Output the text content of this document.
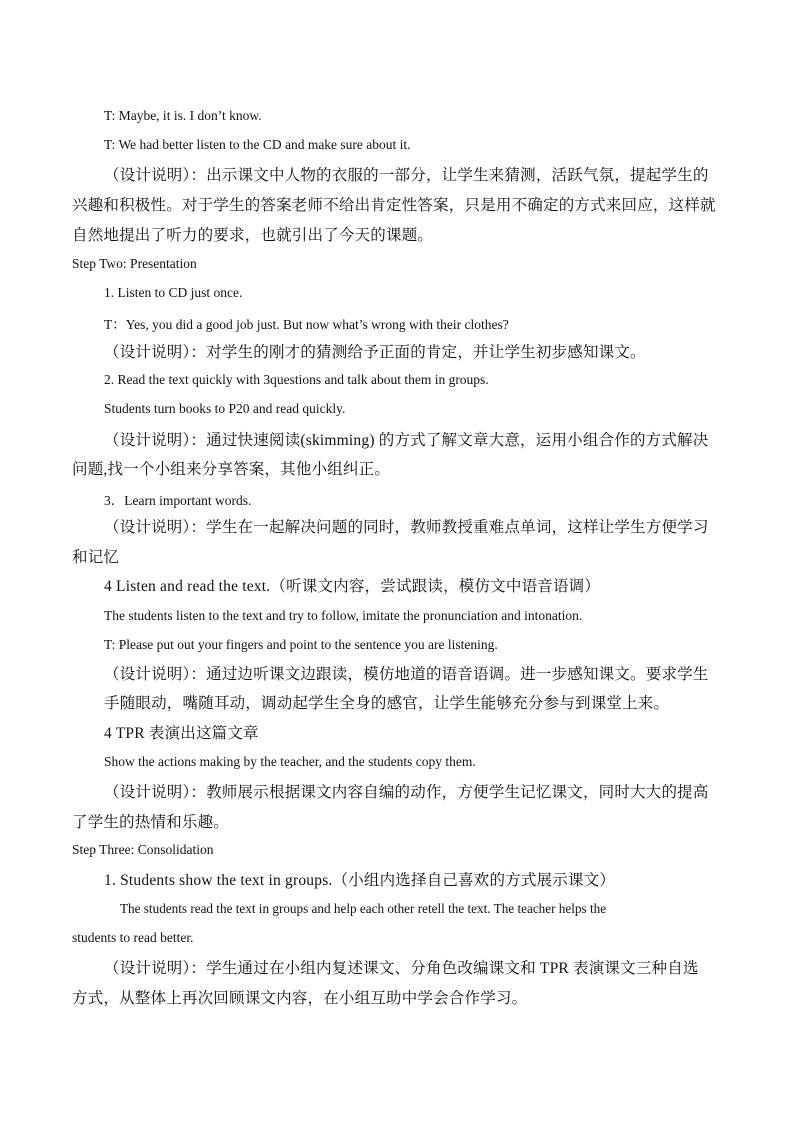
T: Maybe, it is. I don’t know.
T: We had better listen to the CD and make sure about it.
（设计说明）：出示课文中人物的衣服的一部分，让学生来猜测，活跃气氛，提起学生的
兴趣和积极性。对于学生的答案老师不给出肯定性答案，只是用不确定的方式来回应，这样就
自然地提出了听力的要求，也就引出了今天的课题。
Step Two: Presentation
1. Listen to CD just once.
T：Yes, you did a good job just. But now what’s wrong with their clothes?
（设计说明）：对学生的刚才的猜测给予正面的肯定，并让学生初步感知课文。
2. Read the text quickly with 3questions and talk about them in groups.
Students turn books to P20 and read quickly.
（设计说明）：通过快速阅读(skimming) 的方式了解文章大意，运用小组合作的方式解决
问题,找一个小组来分享答案，其他小组纠正。
3．Learn important words.
（设计说明）：学生在一起解决问题的同时，教师教授重难点单词，这样让学生方便学习
和记忆
4 Listen and read the text.（听课文内容，尝试跟读，模仿文中语音语调）
The students listen to the text and try to follow, imitate the pronunciation and intonation.
T: Please put out your fingers and point to the sentence you are listening.
（设计说明）：通过边听课文边跟读，模仿地道的语音语调。进一步感知课文。要求学生
手随眼动，嘴随耳动，调动起学生全身的感官，让学生能够充分参与到课堂上来。
4 TPR 表演出这篇文章
Show the actions making by the teacher, and the students copy them.
（设计说明）：教师展示根据课文内容自编的动作，方便学生记忆课文，同时大大的提高
了学生的热情和乐趣。
Step Three: Consolidation
1. Students show the text in groups.（小组内选择自己喜欢的方式展示课文）
The students read the text in groups and help each other retell the text. The teacher helps the
students to read better.
（设计说明）：学生通过在小组内复述课文、分角色改编课文和 TPR 表演课文三种自选
方式，从整体上再次回顾课文内容，在小组互助中学会合作学习。
